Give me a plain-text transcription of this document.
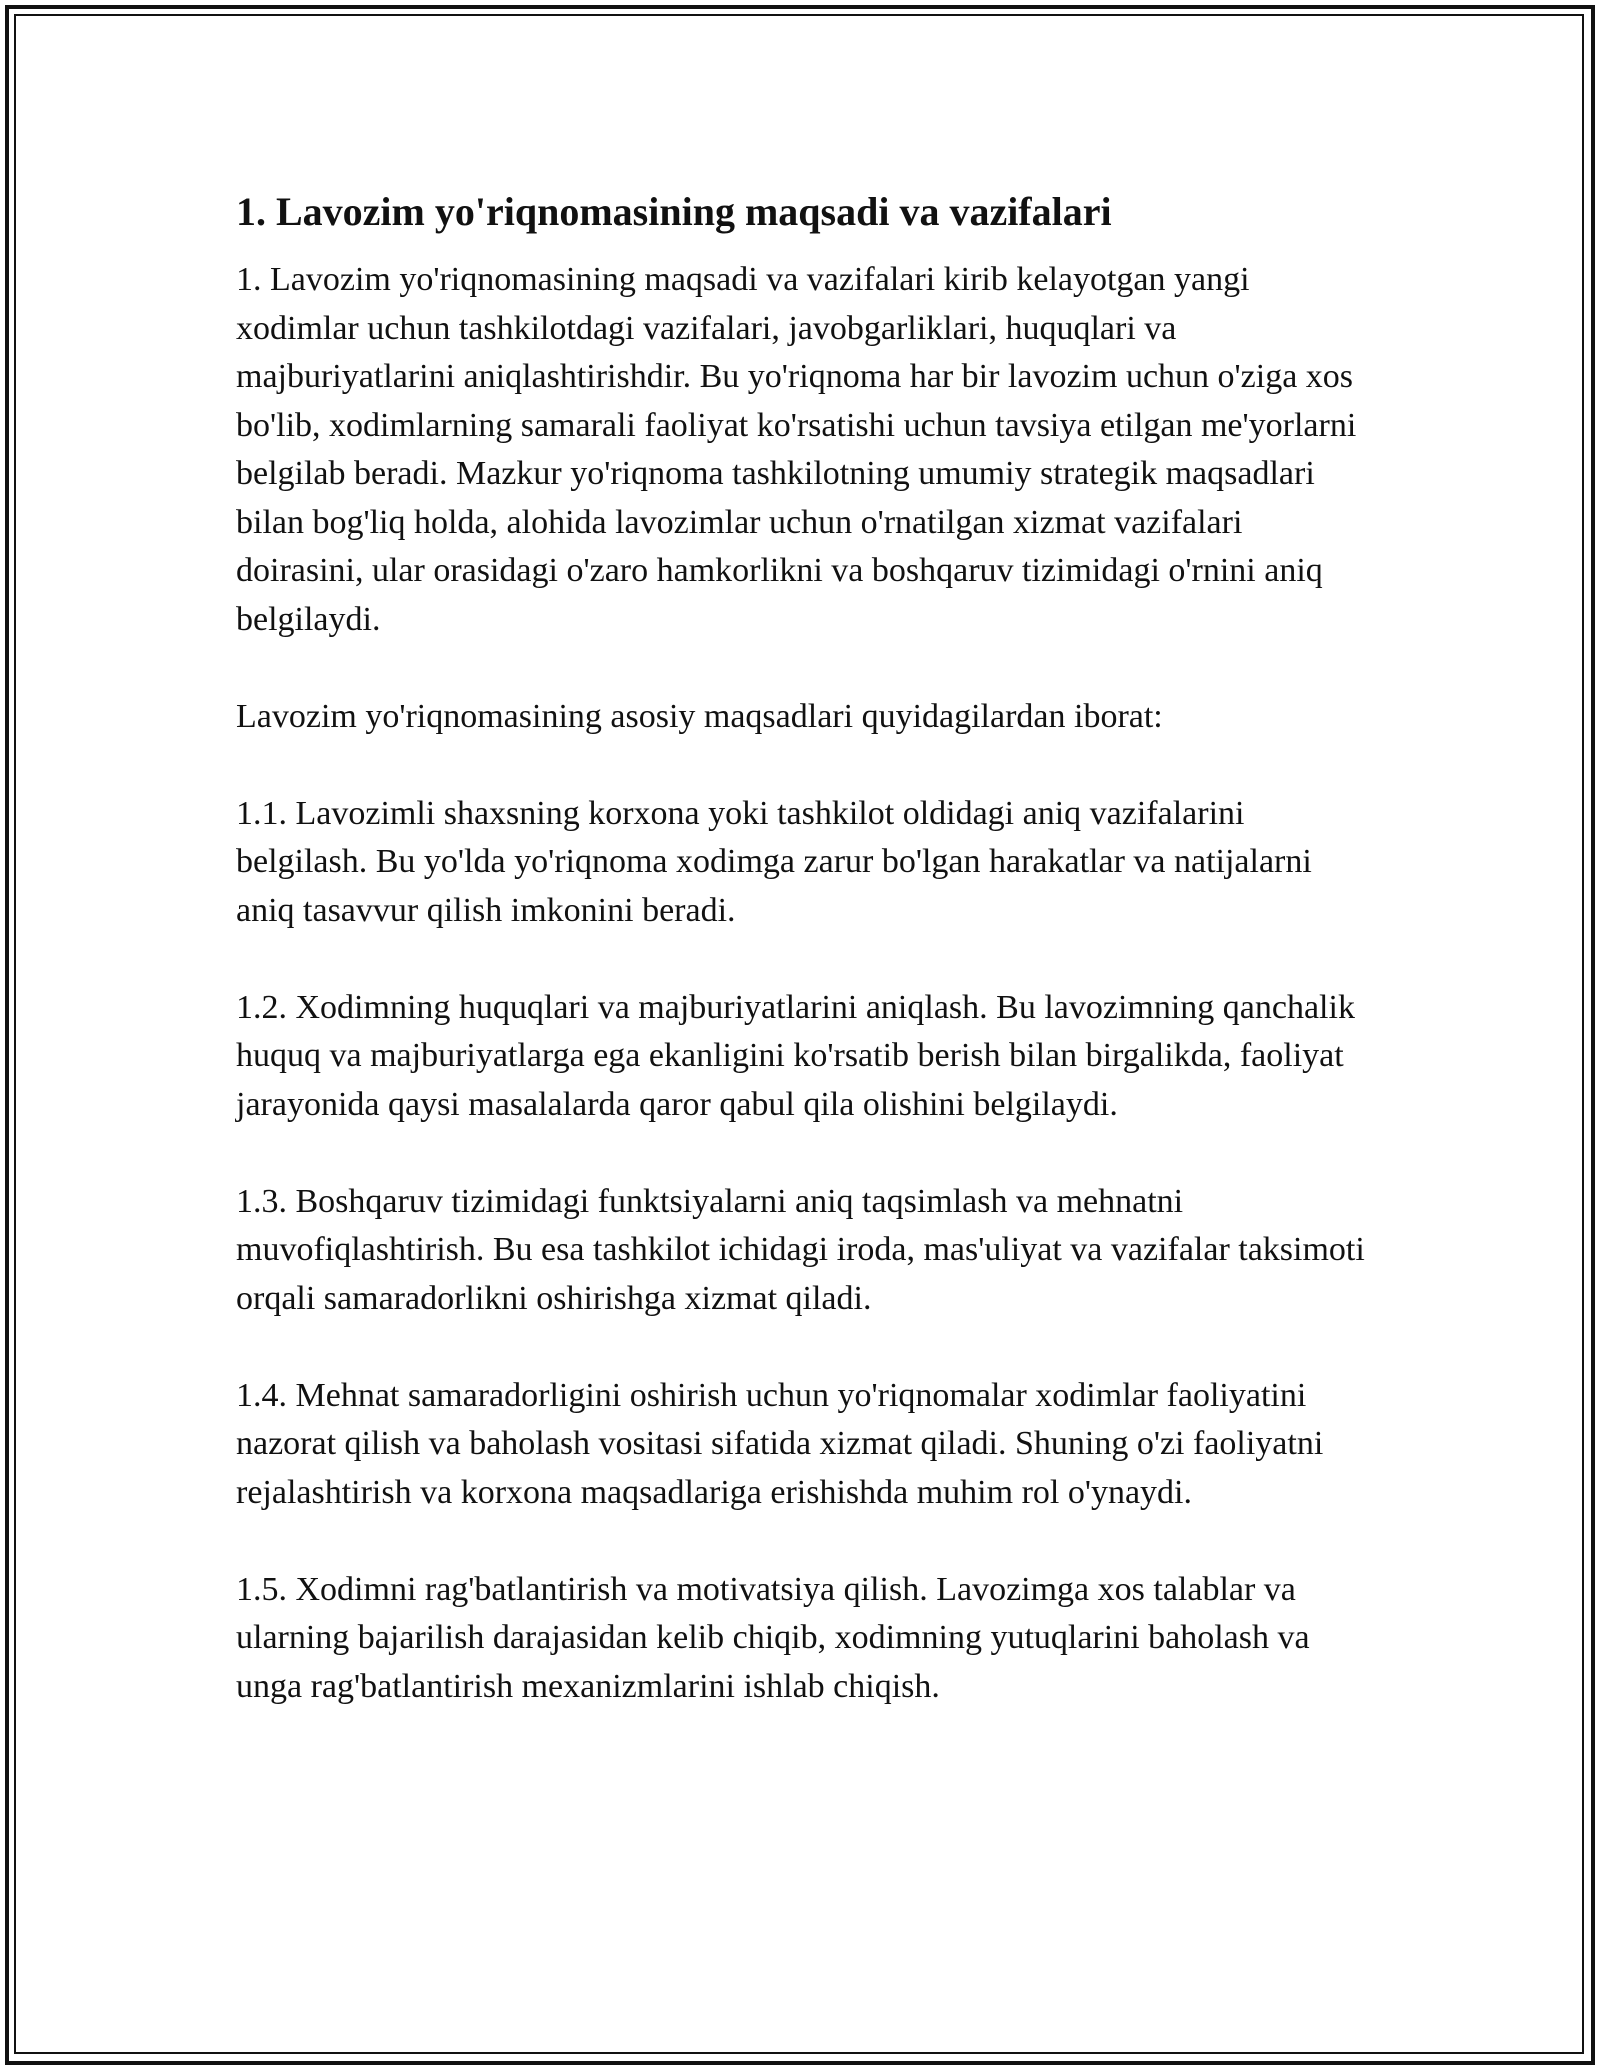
1. Lavozim yo'riqnomasining maqsadi va vazifalari

1. Lavozim yo'riqnomasining maqsadi va vazifalari kirib kelayotgan yangi xodimlar uchun tashkilotdagi vazifalari, javobgarliklari, huquqlari va majburiyatlarini aniqlashtirishdir. Bu yo'riqnoma har bir lavozim uchun o'ziga xos bo'lib, xodimlarning samarali faoliyat ko'rsatishi uchun tavsiya etilgan me'yorlarni belgilab beradi. Mazkur yo'riqnoma tashkilotning umumiy strategik maqsadlari bilan bog'liq holda, alohida lavozimlar uchun o'rnatilgan xizmat vazifalari doirasini, ular orasidagi o'zaro hamkorlikni va boshqaruv tizimidagi o'rnini aniq belgilaydi.

Lavozim yo'riqnomasining asosiy maqsadlari quyidagilardan iborat:

1.1. Lavozimli shaxsning korxona yoki tashkilot oldidagi aniq vazifalarini belgilash. Bu yo'lda yo'riqnoma xodimga zarur bo'lgan harakatlar va natijalarni aniq tasavvur qilish imkonini beradi.

1.2. Xodimning huquqlari va majburiyatlarini aniqlash. Bu lavozimning qanchalik huquq va majburiyatlarga ega ekanligini ko'rsatib berish bilan birgalikda, faoliyat jarayonida qaysi masalalarda qaror qabul qila olishini belgilaydi.

1.3. Boshqaruv tizimidagi funktsiyalarni aniq taqsimlash va mehnatni muvofiqlashtirish. Bu esa tashkilot ichidagi iroda, mas'uliyat va vazifalar taksimoti orqali samaradorlikni oshirishga xizmat qiladi.

1.4. Mehnat samaradorligini oshirish uchun yo'riqnomalar xodimlar faoliyatini nazorat qilish va baholash vositasi sifatida xizmat qiladi. Shuning o'zi faoliyatni rejalashtirish va korxona maqsadlariga erishishda muhim rol o'ynaydi.

1.5. Xodimni rag'batlantirish va motivatsiya qilish. Lavozimga xos talablar va ularning bajarilish darajasidan kelib chiqib, xodimning yutuqlarini baholash va unga rag'batlantirish mexanizmlarini ishlab chiqish.
